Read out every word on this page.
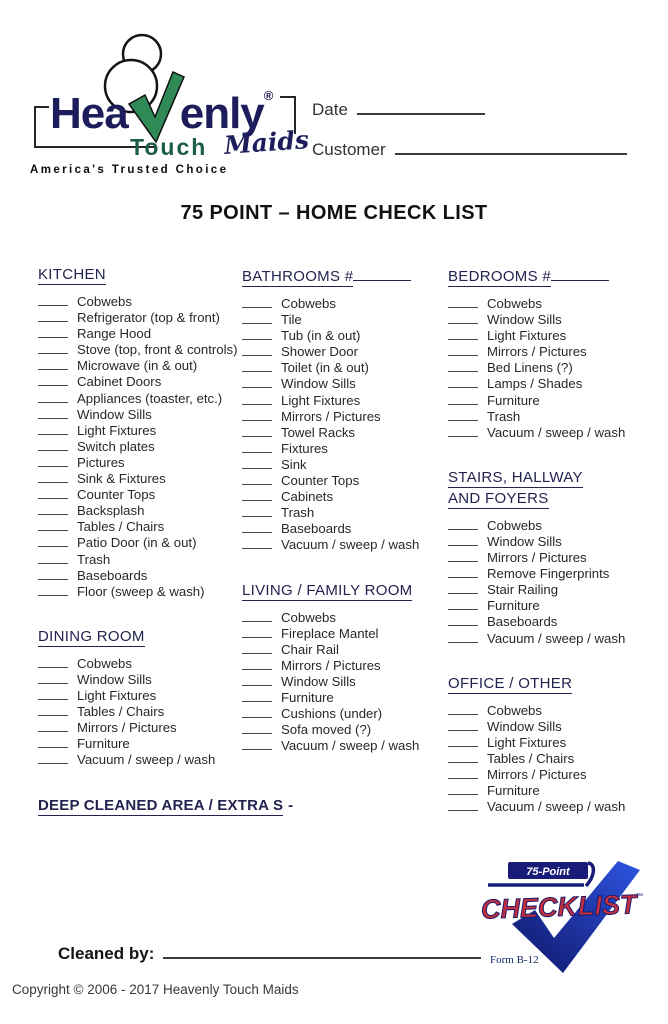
Hea enly®
Touch Maids
America's Trusted Choice
Date
Customer
75 POINT – HOME CHECK LIST
KITCHEN
Cobwebs
Refrigerator (top & front)
Range Hood
Stove (top, front & controls)
Microwave (in & out)
Cabinet Doors
Appliances (toaster, etc.)
Window Sills
Light Fixtures
Switch plates
Pictures
Sink & Fixtures
Counter Tops
Backsplash
Tables / Chairs
Patio Door (in & out)
Trash
Baseboards
Floor (sweep & wash)
DINING ROOM
Cobwebs
Window Sills
Light Fixtures
Tables / Chairs
Mirrors / Pictures
Furniture
Vacuum / sweep / wash
BATHROOMS #
Cobwebs
Tile
Tub (in & out)
Shower Door
Toilet (in & out)
Window Sills
Light Fixtures
Mirrors / Pictures
Towel Racks
Fixtures
Sink
Counter Tops
Cabinets
Trash
Baseboards
Vacuum / sweep / wash
LIVING / FAMILY ROOM
Cobwebs
Fireplace Mantel
Chair Rail
Mirrors / Pictures
Window Sills
Furniture
Cushions (under)
Sofa moved (?)
Vacuum / sweep / wash
BEDROOMS #
Cobwebs
Window Sills
Light Fixtures
Mirrors / Pictures
Bed Linens (?)
Lamps / Shades
Furniture
Trash
Vacuum / sweep / wash
STAIRS, HALLWAY
AND FOYERS
Cobwebs
Window Sills
Mirrors / Pictures
Remove Fingerprints
Stair Railing
Furniture
Baseboards
Vacuum / sweep / wash
OFFICE / OTHER
Cobwebs
Window Sills
Light Fixtures
Tables / Chairs
Mirrors / Pictures
Furniture
Vacuum / sweep / wash
DEEP CLEANED AREA / EXTRA S -
Cleaned by:
75-Point
CHECK LIST ™
Form B-12
Copyright © 2006 - 2017 Heavenly Touch Maids
